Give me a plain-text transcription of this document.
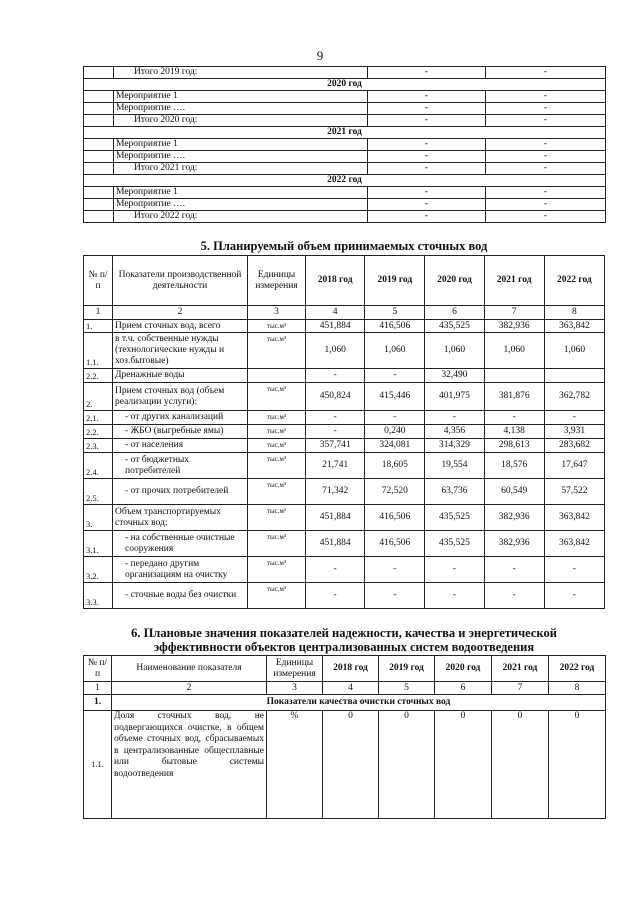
9
	Итого 2019 год:	-	-
2020 год			
	Мероприятие 1	-	-
	Мероприятие ….	-	-
	Итого 2020 год:	-	-
2021 год			
	Мероприятие 1	-	-
	Мероприятие ….	-	-
	Итого 2021 год:	-	-
2022 год			
	Мероприятие 1	-	-
	Мероприятие ….	-	-
	Итого 2022 год:	-	-
5. Планируемый объем принимаемых сточных вод
№ п/п	Показатели производственной деятельности	Единицы измерения	2018 год	2019 год	2020 год	2021 год	2022 год
1	2	3	4	5	6	7	8
1.	Прием сточных вод, всего	тыс.м³	451,884	416,506	435,525	382,936	363,842
1.1.	в т.ч. собственные нужды (технологические нужды и хоз.бытовые)	тыс.м³	1,060	1,060	1,060	1,060	1,060
2.2.	Дренажные воды		-	-	32,490		
2.	Прием сточных вод (объем реализации услуги):	тыс.м³	450,824	415,446	401,975	381,876	362,782
2.1.	- от других канализаций	тыс.м³	-	-	-	-	-
2.2.	- ЖБО (выгребные ямы)	тыс.м³	-	0,240	4,356	4,138	3,931
2.3.	- от населения	тыс.м³	357,741	324,081	314,329	298,613	283,682
2.4.	- от бюджетных потребителей	тыс.м³	21,741	18,605	19,554	18,576	17,647
2.5.	- от прочих потребителей	тыс.м³	71,342	72,520	63,736	60,549	57,522
3.	Объем транспортируемых сточных вод:	тыс.м³	451,884	416,506	435,525	382,936	363,842
3.1.	- на собственные очистные сооружения	тыс.м³	451,884	416,506	435,525	382,936	363,842
3.2.	- передано другим организациям на очистку	тыс.м³	-	-	-	-	-
3.3.	- сточные воды без очистки	тыс.м³	-	-	-	-	-
6. Плановые значения показателей надежности, качества и энергетической
эффективности объектов централизованных систем водоотведения
№ п/п	Наименование показателя	Единицы измерения	2018 год	2019 год	2020 год	2021 год	2022 год
1	2	3	4	5	6	7	8
1.	Показатели качества очистки сточных вод						
1.1.	Доля сточных вод, не подвергающихся очистке, в общем объеме сточных вод, сбрасываемых в централизованные общесплавные или бытовые системы водоотведения	%	0	0	0	0	0
